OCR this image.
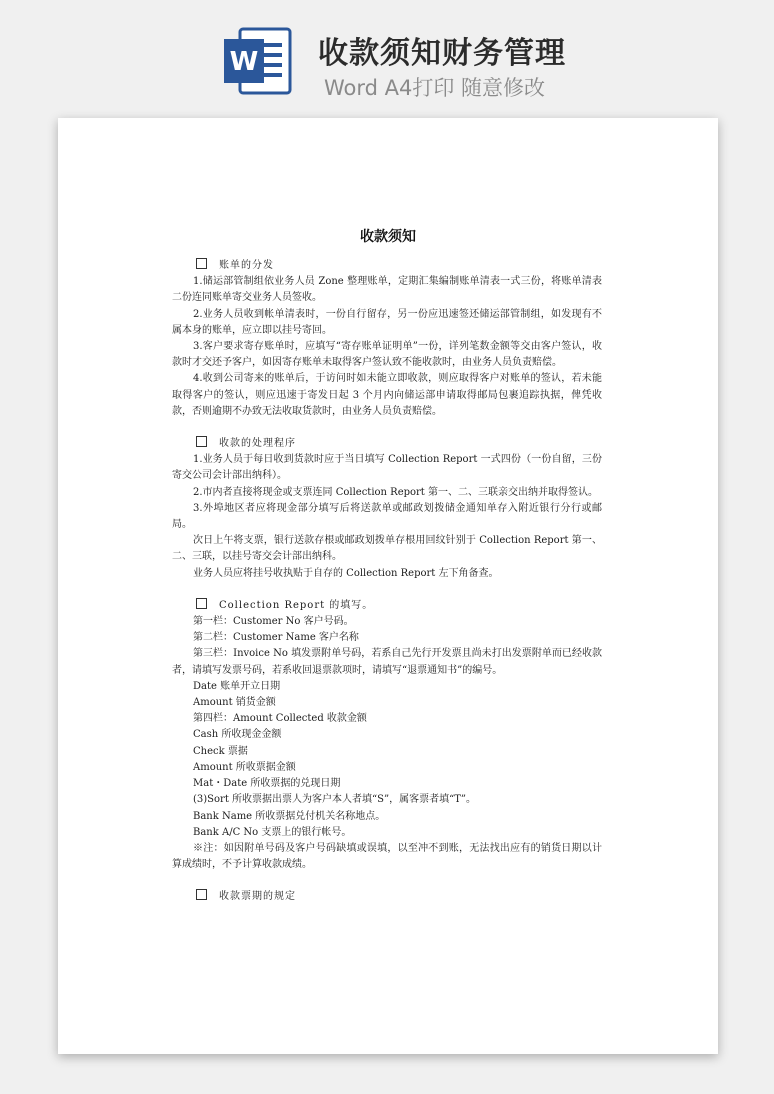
W 收款须知财务管理
Word A4打印 随意修改

收款须知

账单的分发

1.储运部管制组依业务人员 Zone 整理账单，定期汇集编制账单清表一式三份，将账单清表二份连同账单寄交业务人员签收。

2.业务人员收到帐单清表时，一份自行留存，另一份应迅速签还储运部管制组，如发现有不属本身的账单，应立即以挂号寄回。

3.客户要求寄存账单时，应填写“寄存账单证明单”一份，详列笔数金额等交由客户签认，收款时才交还予客户，如因寄存账单未取得客户签认致不能收款时，由业务人员负责赔偿。

4.收到公司寄来的账单后，于访问时如未能立即收款，则应取得客户对账单的签认，若未能取得客户的签认，则应迅速于寄发日起 3 个月内向储运部申请取得邮局包裹追踪执据，俾凭收款，否则逾期不办致无法收取货款时，由业务人员负责赔偿。

收款的处理程序

1.业务人员于每日收到货款时应于当日填写 Collection Report 一式四份（一份自留，三份寄交公司会计部出纳科）。

2.市内者直接将现金或支票连同 Collection Report 第一、二、三联亲交出纳并取得签认。

3.外埠地区者应将现金部分填写后将送款单或邮政划拨储金通知单存入附近银行分行或邮局。

次日上午将支票，银行送款存根或邮政划拨单存根用回纹针别于 Collection Report 第一、二、三联，以挂号寄交会计部出纳科。

业务人员应将挂号收执贴于自存的 Collection Report 左下角备查。

Collection Report 的填写。

第一栏：Customer No 客户号码。

第二栏：Customer Name 客户名称

第三栏：Invoice No 填发票附单号码，若系自己先行开发票且尚未打出发票附单而已经收款者，请填写发票号码，若系收回退票款项时，请填写“退票通知书”的编号。

Date 账单开立日期

Amount 销货金额

第四栏：Amount Collected 收款金额

Cash 所收现金金额

Check 票据

Amount 所收票据金额

Mat・Date 所收票据的兑现日期

(3)Sort 所收票据出票人为客户本人者填“S”，属客票者填“T”。

Bank Name 所收票据兑付机关名称地点。

Bank A/C No 支票上的银行帐号。

※注：如因附单号码及客户号码缺填或误填，以至冲不到账，无法找出应有的销货日期以计算成绩时，不予计算收款成绩。

收款票期的规定
